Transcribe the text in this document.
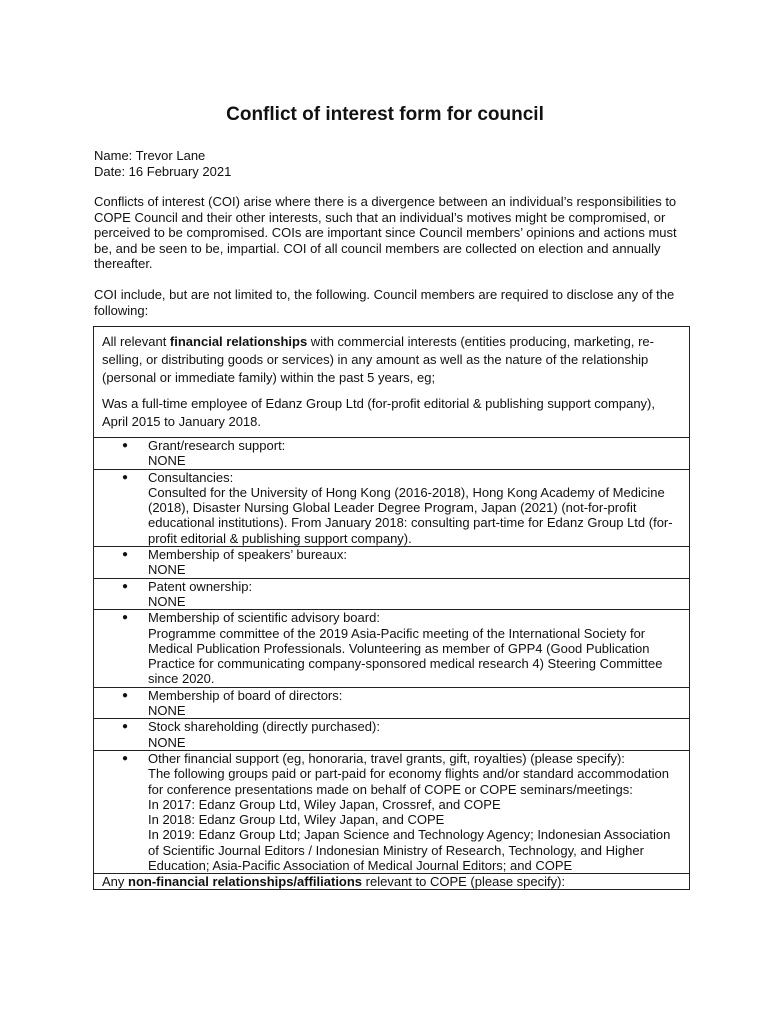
Conflict of interest form for council
Name: Trevor Lane
Date: 16 February 2021

Conflicts of interest (COI) arise where there is a divergence between an individual’s responsibilities to COPE Council and their other interests, such that an individual’s motives might be compromised, or perceived to be compromised. COIs are important since Council members’ opinions and actions must be, and be seen to be, impartial. COI of all council members are collected on election and annually thereafter.

COI include, but are not limited to, the following. Council members are required to disclose any of the following:

All relevant financial relationships with commercial interests (entities producing, marketing, re-selling, or distributing goods or services) in any amount as well as the nature of the relationship (personal or immediate family) within the past 5 years, eg;

Was a full-time employee of Edanz Group Ltd (for-profit editorial & publishing support company), April 2015 to January 2018.

● Grant/research support:
NONE
● Consultancies:
Consulted for the University of Hong Kong (2016-2018), Hong Kong Academy of Medicine (2018), Disaster Nursing Global Leader Degree Program, Japan (2021) (not-for-profit educational institutions). From January 2018: consulting part-time for Edanz Group Ltd (for-profit editorial & publishing support company).
● Membership of speakers’ bureaux:
NONE
● Patent ownership:
NONE
● Membership of scientific advisory board:
Programme committee of the 2019 Asia-Pacific meeting of the International Society for Medical Publication Professionals. Volunteering as member of GPP4 (Good Publication Practice for communicating company-sponsored medical research 4) Steering Committee since 2020.
● Membership of board of directors:
NONE
● Stock shareholding (directly purchased):
NONE
● Other financial support (eg, honoraria, travel grants, gift, royalties) (please specify):
The following groups paid or part-paid for economy flights and/or standard accommodation for conference presentations made on behalf of COPE or COPE seminars/meetings:
In 2017: Edanz Group Ltd, Wiley Japan, Crossref, and COPE
In 2018: Edanz Group Ltd, Wiley Japan, and COPE
In 2019: Edanz Group Ltd; Japan Science and Technology Agency; Indonesian Association of Scientific Journal Editors / Indonesian Ministry of Research, Technology, and Higher Education; Asia-Pacific Association of Medical Journal Editors; and COPE
Any non-financial relationships/affiliations relevant to COPE (please specify):
